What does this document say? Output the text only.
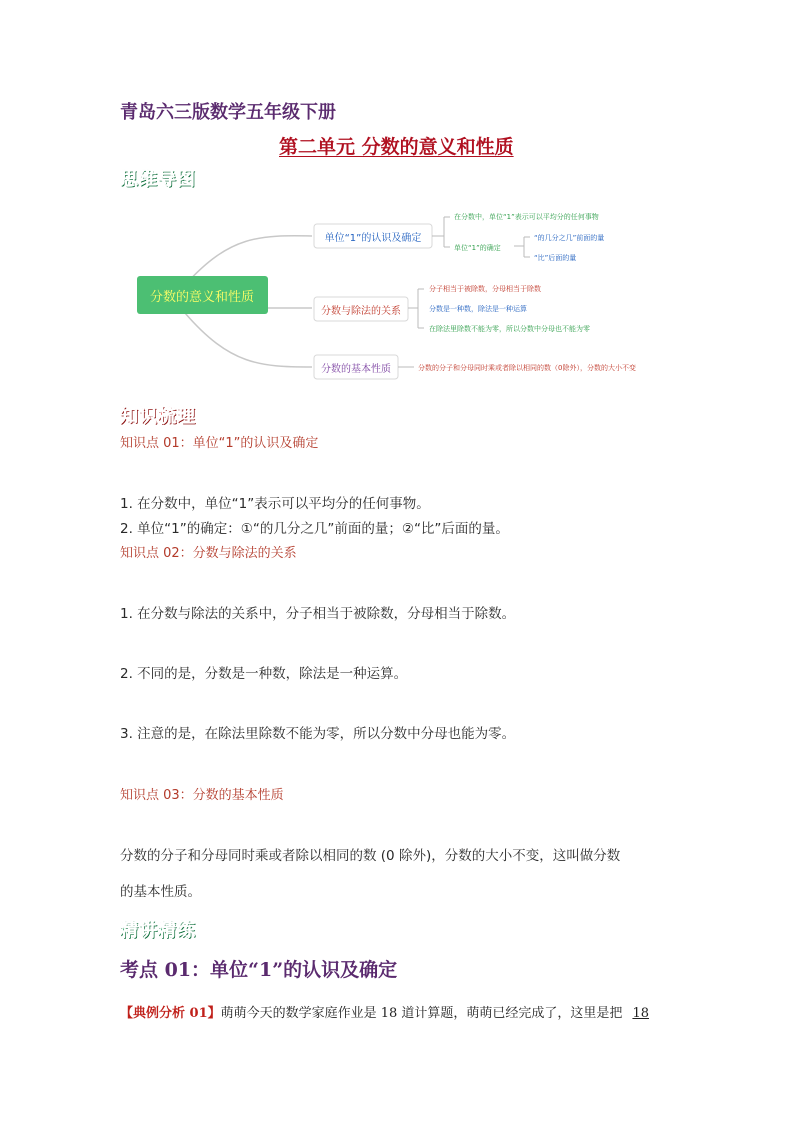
青岛六三版数学五年级下册
第二单元 分数的意义和性质
思维导图
分数的意义和性质
单位“1”的认识及确定
在分数中，单位“1”表示可以平均分的任何事物
单位“1”的确定
“的几分之几”前面的量
“比”后面的量
分数与除法的关系
分子相当于被除数，分母相当于除数
分数是一种数，除法是一种运算
在除法里除数不能为零，所以分数中分母也不能为零
分数的基本性质	分数的分子和分母同时乘或者除以相同的数（0除外），分数的大小不变
知识梳理
知识点 01：单位“1”的认识及确定
1. 在分数中，单位“1”表示可以平均分的任何事物。
2. 单位“1”的确定：①“的几分之几”前面的量；②“比”后面的量。
知识点 02：分数与除法的关系
1. 在分数与除法的关系中，分子相当于被除数，分母相当于除数。
2. 不同的是，分数是一种数，除法是一种运算。
3. 注意的是，在除法里除数不能为零，所以分数中分母也能为零。
知识点 03：分数的基本性质
分数的分子和分母同时乘或者除以相同的数 (0 除外)，分数的大小不变，这叫做分数
的基本性质。
精讲精练
考点 01：单位“1”的认识及确定
【典例分析 01】萌萌今天的数学家庭作业是 18 道计算题，萌萌已经完成了，这里是把 18
